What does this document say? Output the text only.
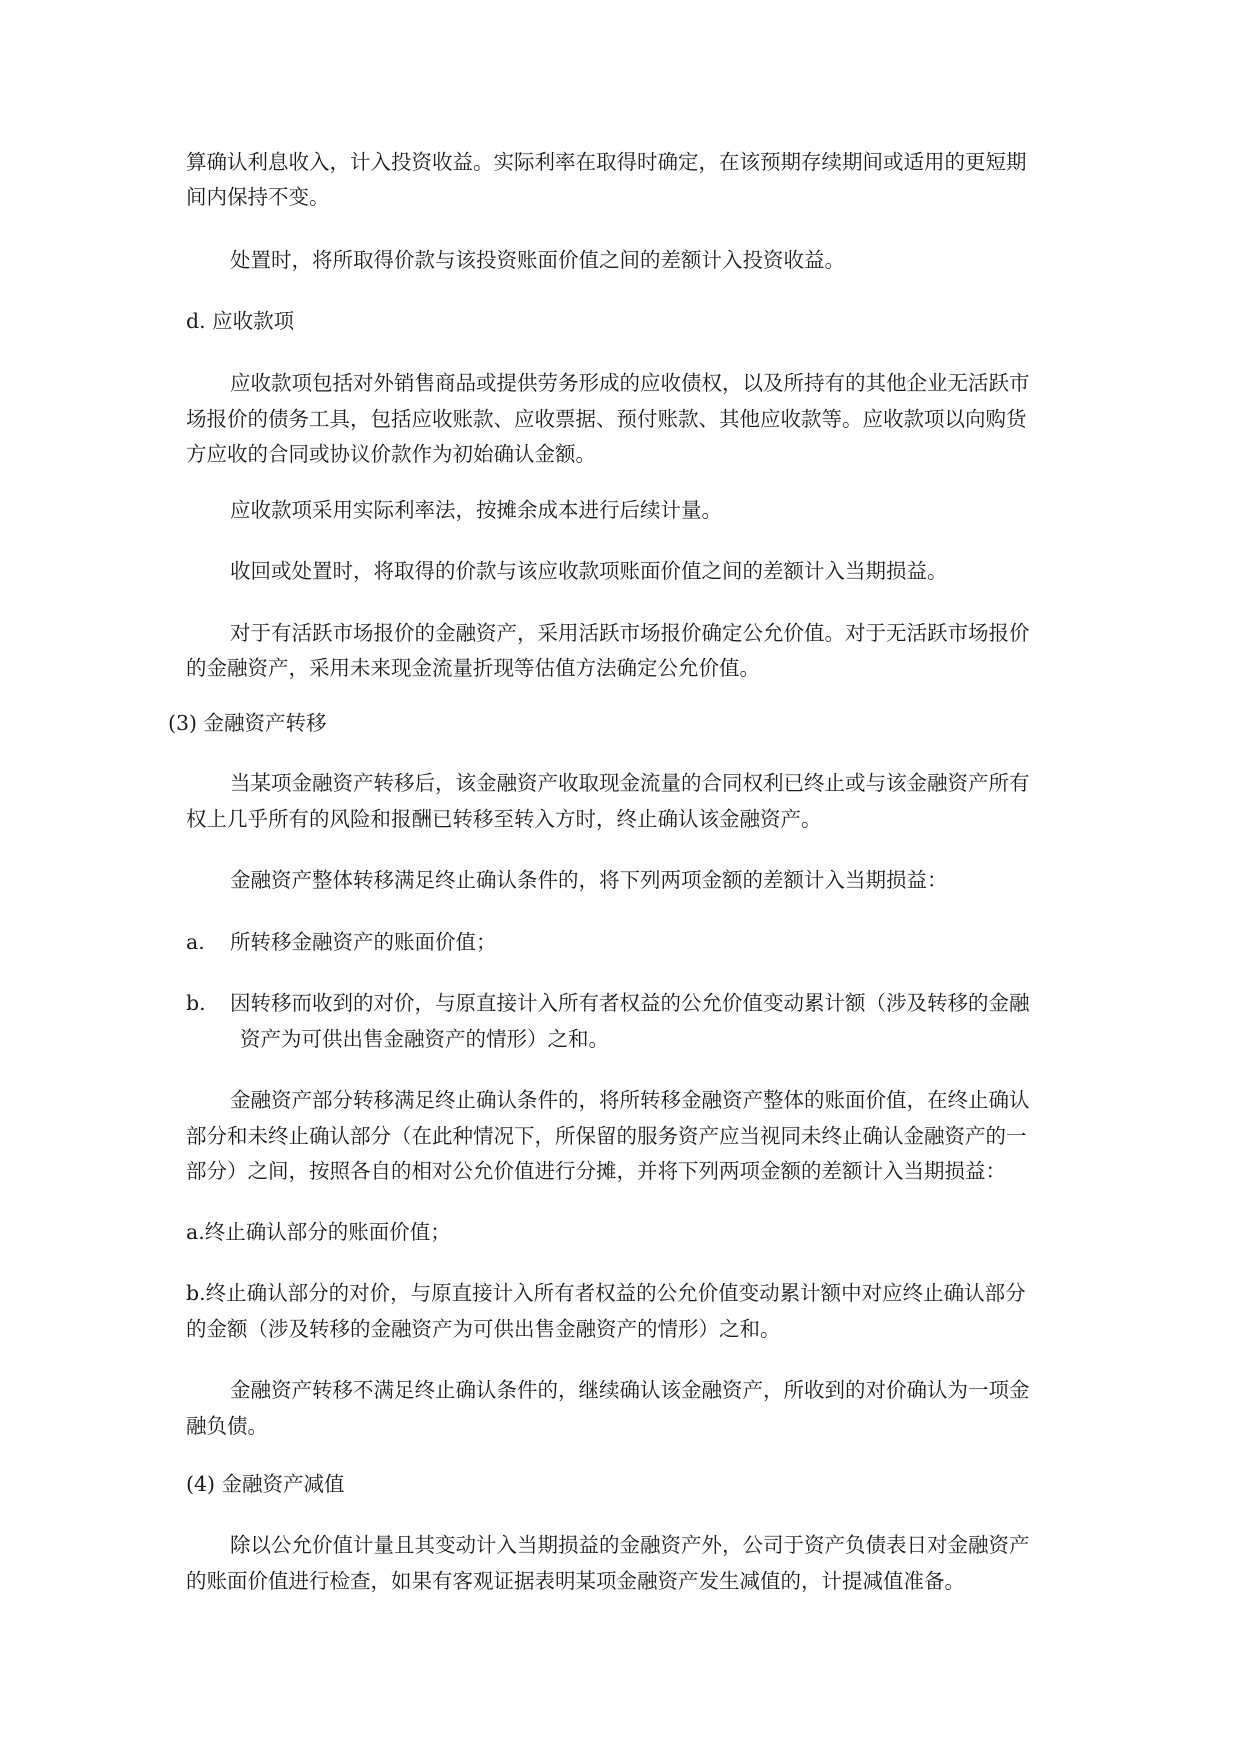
算确认利息收入，计入投资收益。实际利率在取得时确定，在该预期存续期间或适用的更短期
间内保持不变。
处置时，将所取得价款与该投资账面价值之间的差额计入投资收益。
d. 应收款项
应收款项包括对外销售商品或提供劳务形成的应收债权，以及所持有的其他企业无活跃市
场报价的债务工具，包括应收账款、应收票据、预付账款、其他应收款等。应收款项以向购货
方应收的合同或协议价款作为初始确认金额。
应收款项采用实际利率法，按摊余成本进行后续计量。
收回或处置时，将取得的价款与该应收款项账面价值之间的差额计入当期损益。
对于有活跃市场报价的金融资产，采用活跃市场报价确定公允价值。对于无活跃市场报价
的金融资产，采用未来现金流量折现等估值方法确定公允价值。
(3) 金融资产转移
当某项金融资产转移后，该金融资产收取现金流量的合同权利已终止或与该金融资产所有
权上几乎所有的风险和报酬已转移至转入方时，终止确认该金融资产。
金融资产整体转移满足终止确认条件的，将下列两项金额的差额计入当期损益：
a. 所转移金融资产的账面价值；
b. 因转移而收到的对价，与原直接计入所有者权益的公允价值变动累计额（涉及转移的金融
资产为可供出售金融资产的情形）之和。
金融资产部分转移满足终止确认条件的，将所转移金融资产整体的账面价值，在终止确认
部分和未终止确认部分（在此种情况下，所保留的服务资产应当视同未终止确认金融资产的一
部分）之间，按照各自的相对公允价值进行分摊，并将下列两项金额的差额计入当期损益：
a.终止确认部分的账面价值；
b.终止确认部分的对价，与原直接计入所有者权益的公允价值变动累计额中对应终止确认部分
的金额（涉及转移的金融资产为可供出售金融资产的情形）之和。
金融资产转移不满足终止确认条件的，继续确认该金融资产，所收到的对价确认为一项金
融负债。
(4) 金融资产减值
除以公允价值计量且其变动计入当期损益的金融资产外，公司于资产负债表日对金融资产
的账面价值进行检查，如果有客观证据表明某项金融资产发生减值的，计提减值准备。
